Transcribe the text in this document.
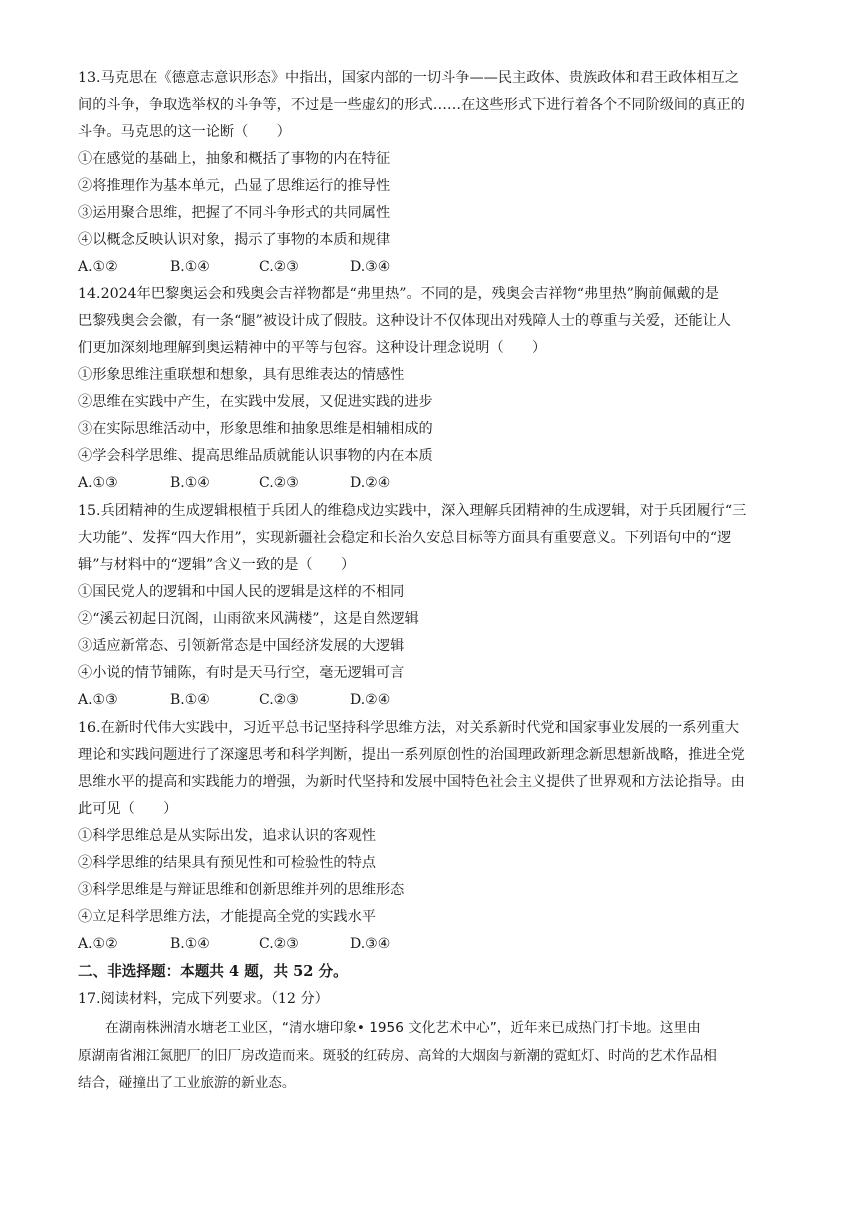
13.马克思在《德意志意识形态》中指出，国家内部的一切斗争——民主政体、贵族政体和君王政体相互之
间的斗争，争取选举权的斗争等，不过是一些虚幻的形式……在这些形式下进行着各个不同阶级间的真正的
斗争。马克思的这一论断（　　）
①在感觉的基础上，抽象和概括了事物的内在特征
②将推理作为基本单元，凸显了思维运行的推导性
③运用聚合思维，把握了不同斗争形式的共同属性
④以概念反映认识对象，揭示了事物的本质和规律
A.①②	B.①④	C.②③	D.③④
14.2024年巴黎奥运会和残奥会吉祥物都是“弗里热”。不同的是，残奥会吉祥物“弗里热”胸前佩戴的是
巴黎残奥会会徽，有一条“腿”被设计成了假肢。这种设计不仅体现出对残障人士的尊重与关爱，还能让人
们更加深刻地理解到奥运精神中的平等与包容。这种设计理念说明（　　）
①形象思维注重联想和想象，具有思维表达的情感性
②思维在实践中产生，在实践中发展，又促进实践的进步
③在实际思维活动中，形象思维和抽象思维是相辅相成的
④学会科学思维、提高思维品质就能认识事物的内在本质
A.①③	B.①④	C.②③	D.②④
15.兵团精神的生成逻辑根植于兵团人的维稳戍边实践中，深入理解兵团精神的生成逻辑，对于兵团履行“三
大功能”、发挥“四大作用”，实现新疆社会稳定和长治久安总目标等方面具有重要意义。下列语句中的“逻
辑”与材料中的“逻辑”含义一致的是（　　）
①国民党人的逻辑和中国人民的逻辑是这样的不相同
②“溪云初起日沉阁，山雨欲来风满楼”，这是自然逻辑
③适应新常态、引领新常态是中国经济发展的大逻辑
④小说的情节铺陈，有时是天马行空，毫无逻辑可言
A.①③	B.①④	C.②③	D.②④
16.在新时代伟大实践中，习近平总书记坚持科学思维方法，对关系新时代党和国家事业发展的一系列重大
理论和实践问题进行了深邃思考和科学判断，提出一系列原创性的治国理政新理念新思想新战略，推进全党
思维水平的提高和实践能力的增强，为新时代坚持和发展中国特色社会主义提供了世界观和方法论指导。由
此可见（　　）
①科学思维总是从实际出发，追求认识的客观性
②科学思维的结果具有预见性和可检验性的特点
③科学思维是与辩证思维和创新思维并列的思维形态
④立足科学思维方法，才能提高全党的实践水平
A.①②	B.①④	C.②③	D.③④
二、非选择题：本题共 4 题，共 52 分。
17.阅读材料，完成下列要求。（12 分）
　　在湖南株洲清水塘老工业区，“清水塘印象• 1956 文化艺术中心”，近年来已成热门打卡地。这里由
原湖南省湘江氮肥厂的旧厂房改造而来。斑驳的红砖房、高耸的大烟囱与新潮的霓虹灯、时尚的艺术作品相
结合，碰撞出了工业旅游的新业态。
